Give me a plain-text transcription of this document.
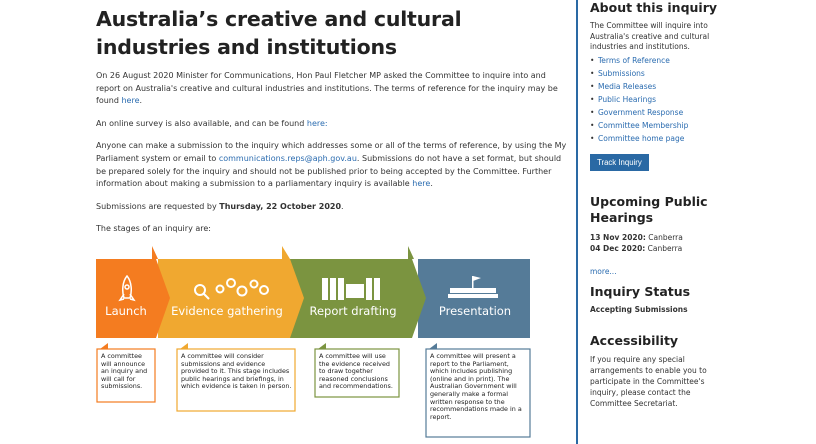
Australia’s creative and cultural industries and institutions

On 26 August 2020 Minister for Communications, Hon Paul Fletcher MP asked the Committee to inquire into and report on Australia's creative and cultural industries and institutions. The terms of reference for the inquiry may be found here.

An online survey is also available, and can be found here:

Anyone can make a submission to the inquiry which addresses some or all of the terms of reference, by using the My Parliament system or email to communications.reps@aph.gov.au. Submissions do not have a set format, but should be prepared solely for the inquiry and should not be published prior to being accepted by the Committee. Further information about making a submission to a parliamentary inquiry is available here.

Submissions are requested by Thursday, 22 October 2020.

The stages of an inquiry are:

Launch	Evidence gathering	Report drafting	Presentation

A committee will announce an inquiry and will call for submissions.

A committee will consider submissions and evidence provided to it. This stage includes public hearings and briefings, in which evidence is taken in person.

A committee will use the evidence received to draw together reasoned conclusions and recommendations.

A committee will present a report to the Parliament, which includes publishing (online and in print). The Australian Government will generally make a formal written response to the recommendations made in a report.

About this inquiry

The Committee will inquire into Australia's creative and cultural industries and institutions.

• Terms of Reference
• Submissions
• Media Releases
• Public Hearings
• Government Response
• Committee Membership
• Committee home page
Track Inquiry
Upcoming Public Hearings
13 Nov 2020: Canberra
04 Dec 2020: Canberra
more...
Inquiry Status

Accepting Submissions

Accessibility

If you require any special arrangements to enable you to participate in the Committee's inquiry, please contact the Committee Secretariat.
